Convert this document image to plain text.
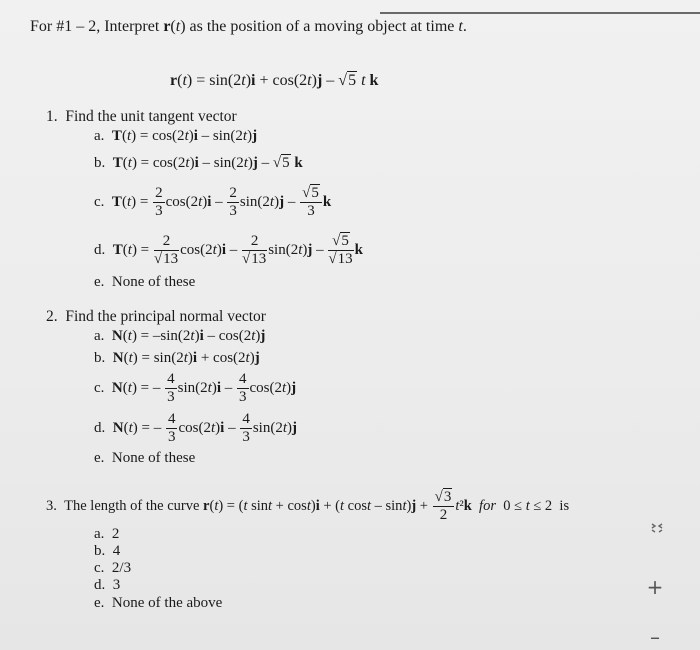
For #1 – 2, Interpret r(t) as the position of a moving object at time t.
r(t) = sin(2t)i + cos(2t)j – √5 t k
1. Find the unit tangent vector
a. T(t) = cos(2t)i – sin(2t)j
b. T(t) = cos(2t)i – sin(2t)j – √5 k
c. $T(t) = \frac{2}{3} \cos(2t)i - \frac{2}{3} \sin(2t)j - \frac{√5}{3}$ k
d. $T(t) = \frac{2}{√13} \cos(2t)i - \frac{2}{√13} \sin(2t)j - \frac{√5}{√13}$ k
e. None of these
2. Find the principal normal vector
a. N(t) = –sin(2t)i – cos(2t)j
b. N(t) = sin(2t)i + cos(2t)j
c. N(t) = – $\frac{4}{3} \sin(2t)i - \frac{4}{3} \cos(2t)j$
d. N(t) = – $\frac{4}{3} \cos(2t)i - \frac{4}{3} \sin(2t)j$
e. None of these
3.  The length of the curve r(t) = (t sint + cost)i + (t $\cos t - \sin t)j + \frac{√3}{2} t^2k$ for  0 ≤ t ≤ 2  is
a. 2
b. 4
c. 2/3
d. 3
e. None of the above
+
–
